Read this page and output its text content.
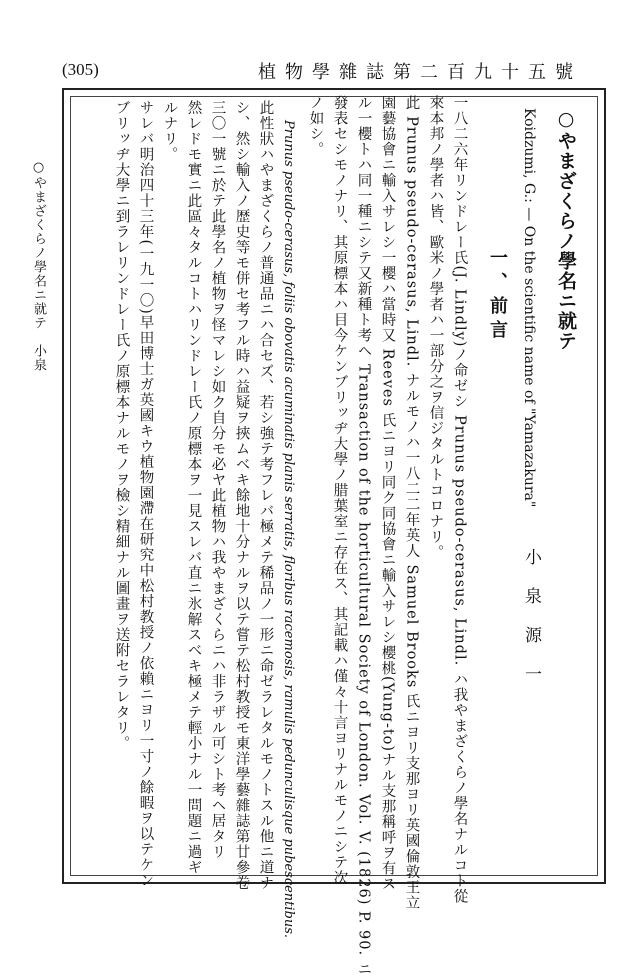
(305)	植物學雜誌第二百九十五號
○やまざくらノ學名ニ就テ
Koidzumi, G.: — On the scientific name of "Yamazakura"
小泉源一
一、前言
一八二六年リンドレー氏(J. Lindly)ノ命ゼシ Prunus pseudo-cerasus, Lindl. ハ我やまざくらノ學名ナルコト從
來本邦ノ學者ハ皆、歐米ノ學者ハ一部分之ヲ信ジタルトコロナリ。
此 Prunus pseudo-cerasus, Lindl. ナルモノハ一八二二年英人 Samuel Brooks 氏ニヨリ支那ヨリ英國倫敦王立
園藝協會ニ輸入サレシ一櫻ハ當時又 Reeves 氏ニヨリ同ク同協會ニ輸入サレシ櫻桃(Yung-to)ナル支那稱呼ヲ有ス
ル一櫻トハ同一種ニシテ又新種ト考ヘ Transaction of the horticultural Society of London. Vol. V. (1826) P. 90. ニ
發表セシモノナリ、其原標本ハ目今ケンブリッヂ大學ノ腊葉室ニ存在ス、其記載ハ僅々十言ヨリナルモノニシテ次
ノ如シ。
Prunus pseudo-cerasus, foliis obovatis acuminatis planis serratis, floribus racemosis, ramulis pedunculisque pubescentibus.
此性狀ハやまざくらノ普通品ニハ合セズ、若シ強テ考フレバ極メテ稀品ノ一形ニ命ゼラレタルモノトスル他ニ道ナ
シ、然シ輸入ノ歴史等モ併セ考フル時ハ益疑ヲ挾ムベキ餘地十分ナルヲ以テ嘗テ松村教授モ東洋學藝雜誌第廿參卷
三〇一號ニ於テ此學名ノ植物ヲ怪マレシ如ク自分モ必ヤ此植物ハ我やまざくらニハ非ラザル可シト考ヘ居タリ
然レドモ實ニ此區々タルコトハリンドレー氏ノ原標本ヲ一見スレバ直ニ氷解スベキ極メテ輕小ナル一問題ニ過ギ
ルナリ。
サレバ明治四十三年(一九一〇)早田博士ガ英國キウ植物園滯在研究中松村教授ノ依賴ニヨリ一寸ノ餘暇ヲ以テケン
ブリッヂ大學ニ到ラレリンドレー氏ノ原標本ナルモノヲ檢シ精細ナル圖畫ヲ送附セラレタリ。
○やまざくらノ學名ニ就テ　小泉
